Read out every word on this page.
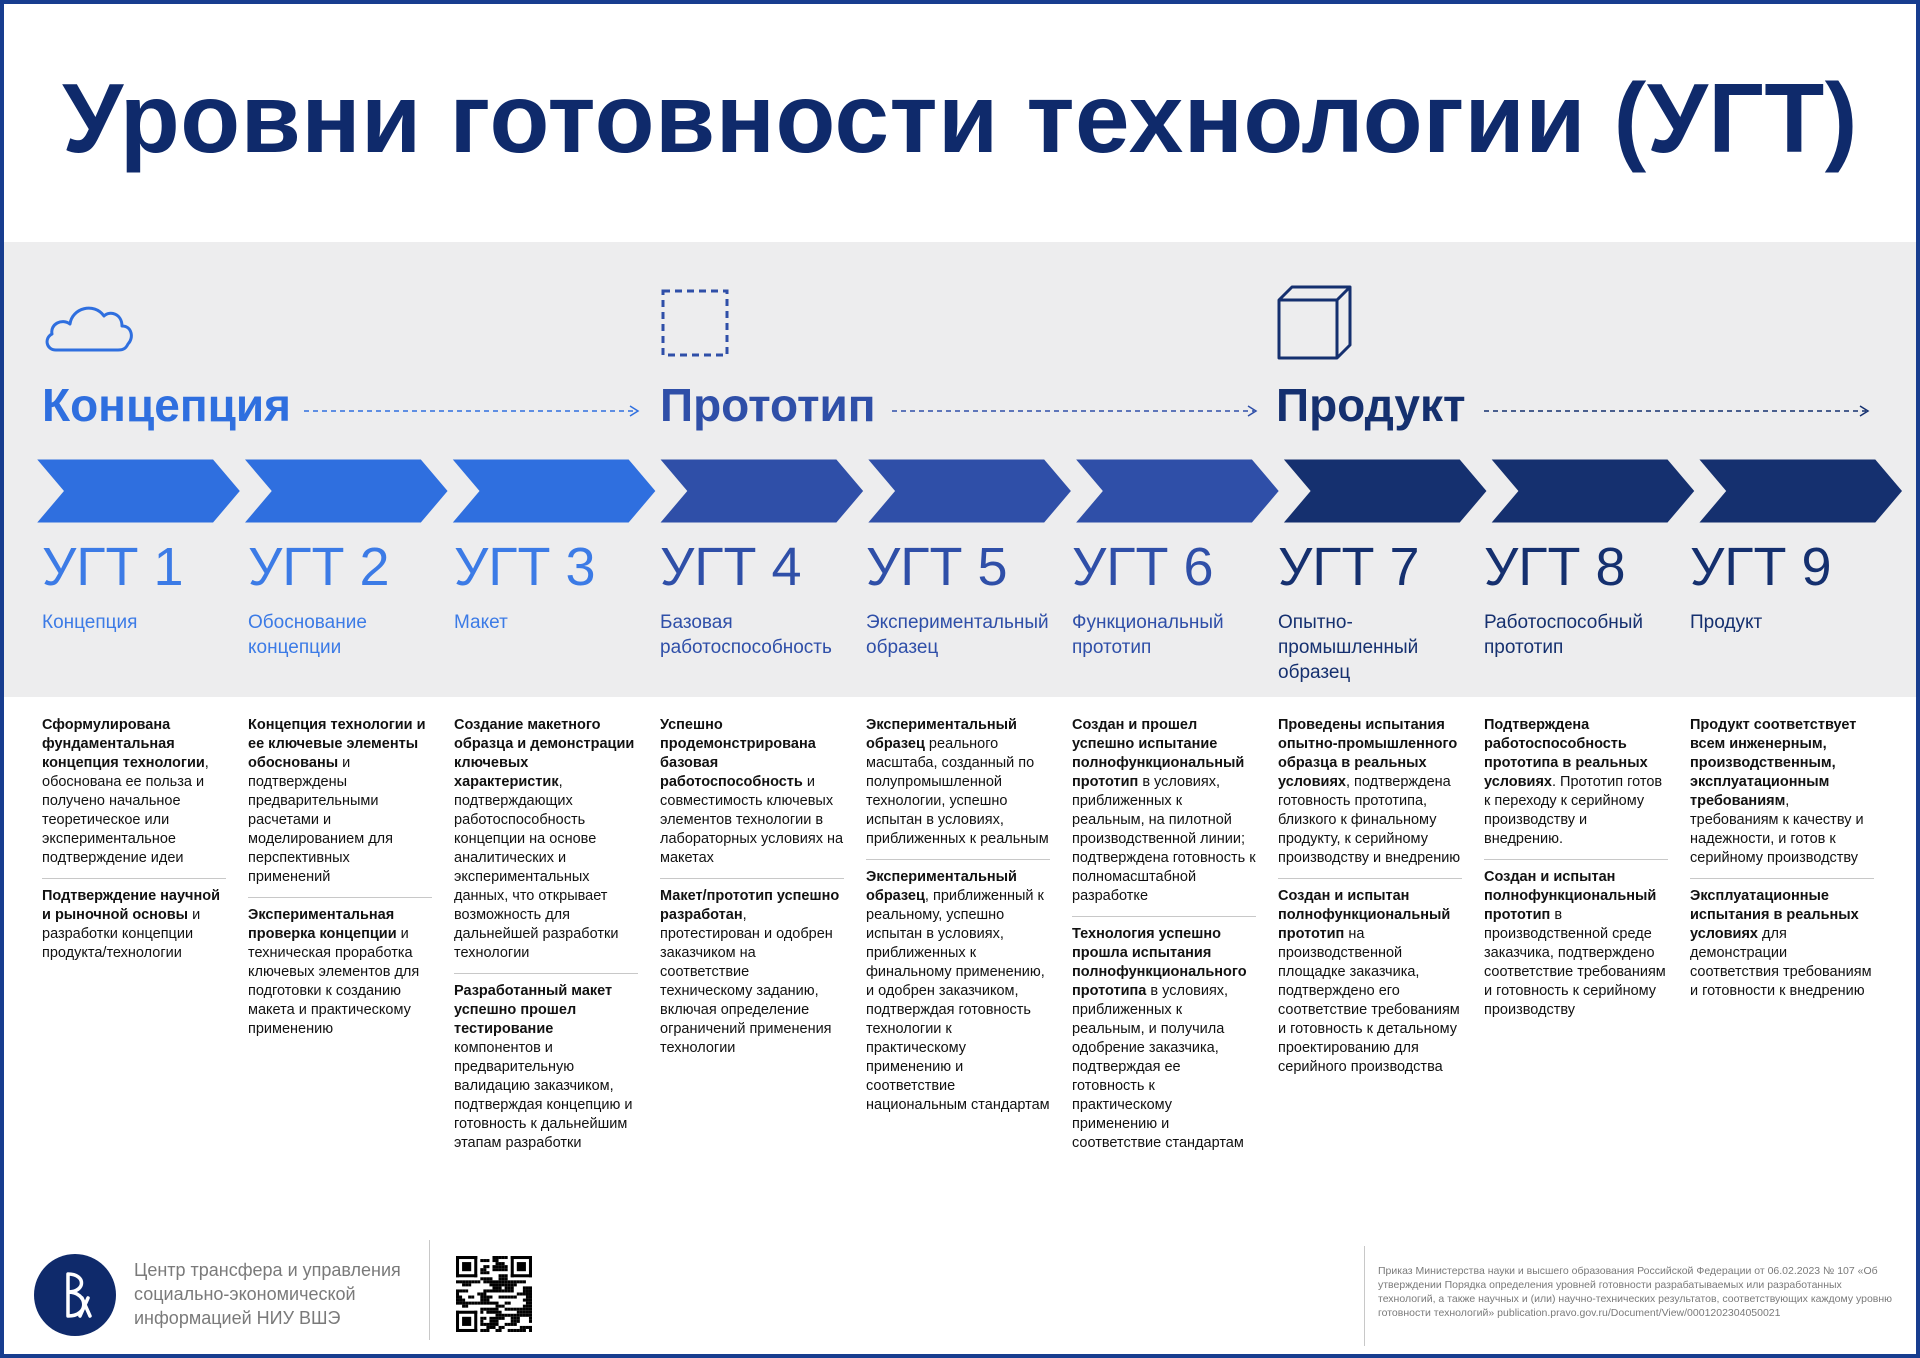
Уровни готовности технологии (УГТ)
Концепция	Прототип	Продукт
УГТ 1
Концепция
УГТ 2
Обоснование концепции
УГТ 3
Макет
УГТ 4
Базовая работоспособность
УГТ 5
Экспериментальный образец
УГТ 6
Функциональный прототип
УГТ 7
Опытно-промышленный образец
УГТ 8
Работоспособный прототип
УГТ 9
Продукт

Сформулирована фундаментальная концепция технологии, обоснована ее польза и получено начальное теоретическое или экспериментальное подтверждение идеи

Подтверждение научной и рыночной основы и разработки концепции продукта/технологии

Концепция технологии и ее ключевые элементы обоснованы и подтверждены предварительными расчетами и моделированием для перспективных применений

Экспериментальная проверка концепции и техническая проработка ключевых элементов для подготовки к созданию макета и практическому применению

Создание макетного образца и демонстрации ключевых характеристик, подтверждающих работоспособность концепции на основе аналитических и экспериментальных данных, что открывает возможность для дальнейшей разработки технологии

Разработанный макет успешно прошел тестирование компонентов и предварительную валидацию заказчиком, подтверждая концепцию и готовность к дальнейшим этапам разработки

Успешно продемонстрирована базовая работоспособность и совместимость ключевых элементов технологии в лабораторных условиях на макетах

Макет/прототип успешно разработан, протестирован и одобрен заказчиком на соответствие техническому заданию, включая определение ограничений применения технологии

Экспериментальный образец реального масштаба, созданный по полупромышленной технологии, успешно испытан в условиях, приближенных к реальным

Экспериментальный образец, приближенный к реальному, успешно испытан в условиях, приближенных к финальному применению, и одобрен заказчиком, подтверждая готовность технологии к практическому применению и соответствие национальным стандартам

Создан и прошел успешно испытание полнофункциональный прототип в условиях, приближенных к реальным, на пилотной производственной линии; подтверждена готовность к полномасштабной разработке

Технология успешно прошла испытания полнофункционального прототипа в условиях, приближенных к реальным, и получила одобрение заказчика, подтверждая ее готовность к практическому применению и соответствие стандартам

Проведены испытания опытно-промышленного образца в реальных условиях, подтверждена готовность прототипа, близкого к финальному продукту, к серийному производству и внедрению

Создан и испытан полнофункциональный прототип на производственной площадке заказчика, подтверждено его соответствие требованиям и готовность к детальному проектированию для серийного производства

Подтверждена работоспособность прототипа в реальных условиях. Прототип готов к переходу к серийному производству и внедрению.

Создан и испытан полнофункциональный прототип в производственной среде заказчика, подтверждено соответствие требованиям и готовность к серийному производству

Продукт соответствует всем инженерным, производственным, эксплуатационным требованиям, требованиям к качеству и надежности, и готов к серийному производству

Эксплуатационные испытания в реальных условиях для демонстрации соответствия требованиям и готовности к внедрению

Центр трансфера и управления социально-экономической информацией НИУ ВШЭ
Приказ Министерства науки и высшего образования Российской Федерации от 06.02.2023 № 107 «Об утверждении Порядка определения уровней готовности разрабатываемых или разработанных технологий, а также научных и (или) научно-технических результатов, соответствующих каждому уровню готовности технологий» publication.pravo.gov.ru/Document/View/0001202304050021
